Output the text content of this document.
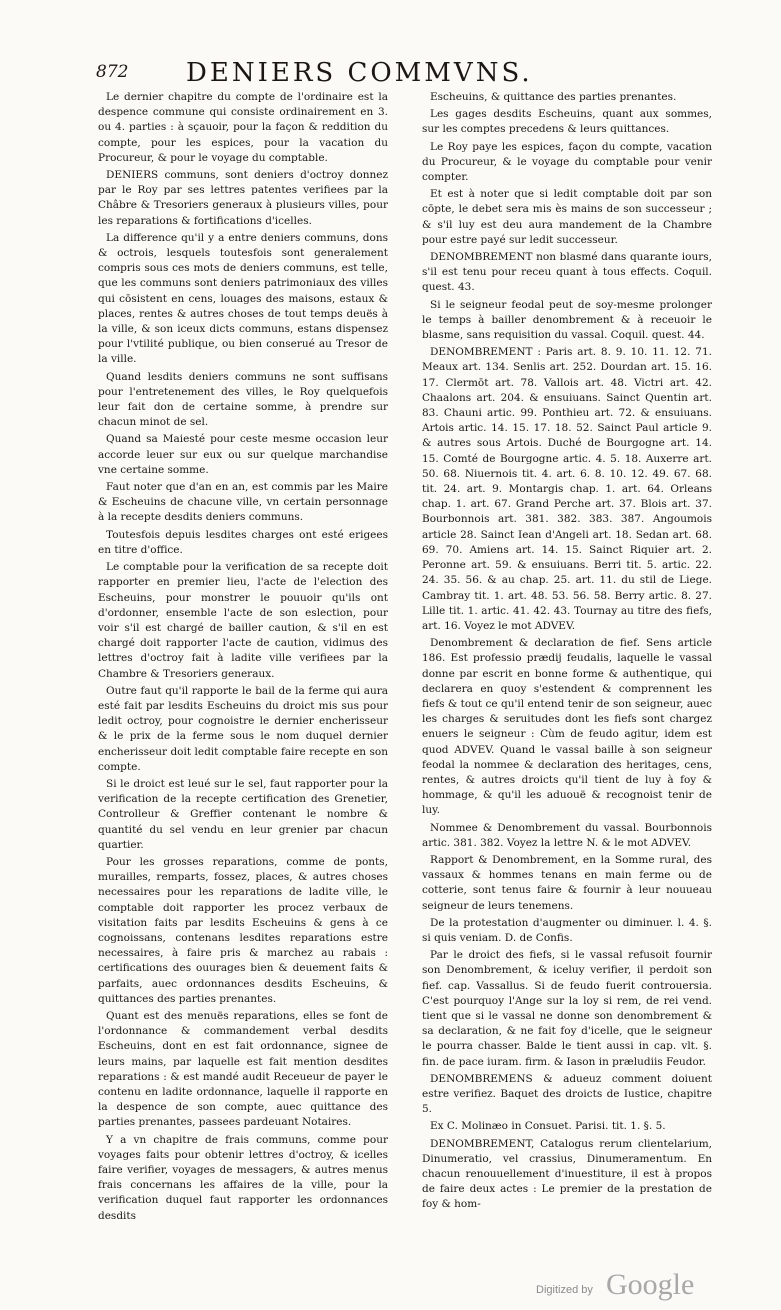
872 DENIERS COMMVNS.

Le dernier chapitre du compte de l'ordinaire est la despence commune qui consiste ordinairement en 3. ou 4. parties : à sçauoir, pour la façon & reddition du compte, pour les espices, pour la vacation du Procureur, & pour le voyage du comptable.

DENIERS communs, sont deniers d'octroy donnez par le Roy par ses lettres patentes verifiees par la Châbre & Tresoriers generaux à plusieurs villes, pour les reparations & fortifications d'icelles.

La difference qu'il y a entre deniers communs, dons & octrois, lesquels toutesfois sont generalement compris sous ces mots de deniers communs, est telle, que les communs sont deniers patrimoniaux des villes qui cōsistent en cens, louages des maisons, estaux & places, rentes & autres choses de tout temps deuës à la ville, & son iceux dicts communs, estans dispensez pour l'vtilité publique, ou bien conserué au Tresor de la ville.

Quand lesdits deniers communs ne sont suffisans pour l'entretenement des villes, le Roy quelquefois leur fait don de certaine somme, à prendre sur chacun minot de sel.

Quand sa Maiesté pour ceste mesme occasion leur accorde leuer sur eux ou sur quelque marchandise vne certaine somme.

Faut noter que d'an en an, est commis par les Maire & Escheuins de chacune ville, vn certain personnage à la recepte desdits deniers communs.

Toutesfois depuis lesdites charges ont esté erigees en titre d'office.

Le comptable pour la verification de sa recepte doit rapporter en premier lieu, l'acte de l'election des Escheuins, pour monstrer le pouuoir qu'ils ont d'ordonner, ensemble l'acte de son eslection, pour voir s'il est chargé de bailler caution, & s'il en est chargé doit rapporter l'acte de caution, vidimus des lettres d'octroy fait à ladite ville verifiees par la Chambre & Tresoriers generaux.

Outre faut qu'il rapporte le bail de la ferme qui aura esté fait par lesdits Escheuins du droict mis sus pour ledit octroy, pour cognoistre le dernier encherisseur & le prix de la ferme sous le nom duquel dernier encherisseur doit ledit comptable faire recepte en son compte.

Si le droict est leué sur le sel, faut rapporter pour la verification de la recepte certification des Grenetier, Controlleur & Greffier contenant le nombre & quantité du sel vendu en leur grenier par chacun quartier.

Pour les grosses reparations, comme de ponts, murailles, remparts, fossez, places, & autres choses necessaires pour les reparations de ladite ville, le comptable doit rapporter les procez verbaux de visitation faits par lesdits Escheuins & gens à ce cognoissans, contenans lesdites reparations estre necessaires, à faire pris & marchez au rabais : certifications des ouurages bien & deuement faits & parfaits, auec ordonnances desdits Escheuins, & quittances des parties prenantes.

Quant est des menuës reparations, elles se font de l'ordonnance & commandement verbal desdits Escheuins, dont en est fait ordonnance, signee de leurs mains, par laquelle est fait mention desdites reparations : & est mandé audit Receueur de payer le contenu en ladite ordonnance, laquelle il rapporte en la despence de son compte, auec quittance des parties prenantes, passees pardeuant Notaires.

Y a vn chapitre de frais communs, comme pour voyages faits pour obtenir lettres d'octroy, & icelles faire verifier, voyages de messagers, & autres menus frais concernans les affaires de la ville, pour la verification duquel faut rapporter les ordonnances desdits

Escheuins, & quittance des parties prenantes.

Les gages desdits Escheuins, quant aux sommes, sur les comptes precedens & leurs quittances.

Le Roy paye les espices, façon du compte, vacation du Procureur, & le voyage du comptable pour venir compter.

Et est à noter que si ledit comptable doit par son cōpte, le debet sera mis ès mains de son successeur ; & s'il luy est deu aura mandement de la Chambre pour estre payé sur ledit successeur.

DENOMBREMENT non blasmé dans quarante iours, s'il est tenu pour receu quant à tous effects. Coquil. quest. 43.

Si le seigneur feodal peut de soy-mesme prolonger le temps à bailler denombrement & à receuoir le blasme, sans requisition du vassal. Coquil. quest. 44.

DENOMBREMENT : Paris art. 8. 9. 10. 11. 12. 71. Meaux art. 134. Senlis art. 252. Dourdan art. 15. 16. 17. Clermōt art. 78. Vallois art. 48. Victri art. 42. Chaalons art. 204. & ensuiuans. Sainct Quentin art. 83. Chauni artic. 99. Ponthieu art. 72. & ensuiuans. Artois artic. 14. 15. 17. 18. 52. Sainct Paul article 9. & autres sous Artois. Duché de Bourgogne art. 14. 15. Comté de Bourgogne artic. 4. 5. 18. Auxerre art. 50. 68. Niuernois tit. 4. art. 6. 8. 10. 12. 49. 67. 68. tit. 24. art. 9. Montargis chap. 1. art. 64. Orleans chap. 1. art. 67. Grand Perche art. 37. Blois art. 37. Bourbonnois art. 381. 382. 383. 387. Angoumois article 28. Sainct Iean d'Angeli art. 18. Sedan art. 68. 69. 70. Amiens art. 14. 15. Sainct Riquier art. 2. Peronne art. 59. & ensuiuans. Berri tit. 5. artic. 22. 24. 35. 56. & au chap. 25. art. 11. du stil de Liege. Cambray tit. 1. art. 48. 53. 56. 58. Berry artic. 8. 27. Lille tit. 1. artic. 41. 42. 43. Tournay au titre des fiefs, art. 16. Voyez le mot ADVEV.

Denombrement & declaration de fief. Sens article 186. Est professio prædij feudalis, laquelle le vassal donne par escrit en bonne forme & authentique, qui declarera en quoy s'estendent & comprennent les fiefs & tout ce qu'il entend tenir de son seigneur, auec les charges & seruitudes dont les fiefs sont chargez enuers le seigneur : Cùm de feudo agitur, idem est quod ADVEV. Quand le vassal baille à son seigneur feodal la nommee & declaration des heritages, cens, rentes, & autres droicts qu'il tient de luy à foy & hommage, & qu'il les aduouë & recognoist tenir de luy.

Nommee & Denombrement du vassal. Bourbonnois artic. 381. 382. Voyez la lettre N. & le mot ADVEV.

Rapport & Denombrement, en la Somme rural, des vassaux & hommes tenans en main ferme ou de cotterie, sont tenus faire & fournir à leur nouueau seigneur de leurs tenemens.

De la protestation d'augmenter ou diminuer. l. 4. §. si quis veniam. D. de Confis.

Par le droict des fiefs, si le vassal refusoit fournir son Denombrement, & iceluy verifier, il perdoit son fief. cap. Vassallus. Si de feudo fuerit controuersia. C'est pourquoy l'Ange sur la loy si rem, de rei vend. tient que si le vassal ne donne son denombrement & sa declaration, & ne fait foy d'icelle, que le seigneur le pourra chasser. Balde le tient aussi in cap. vlt. §. fin. de pace iuram. firm. & Iason in præludiis Feudor.

DENOMBREMENS & adueuz comment doiuent estre verifiez. Baquet des droicts de Iustice, chapitre 5.

Ex C. Molinæo in Consuet. Parisi. tit. 1. §. 5.

DENOMBREMENT, Catalogus rerum clientelarium, Dinumeratio, vel crassius, Dinumeramentum. En chacun renouuellement d'inuestiture, il est à propos de faire deux actes : Le premier de la prestation de foy & hom-

Digitized by Google
